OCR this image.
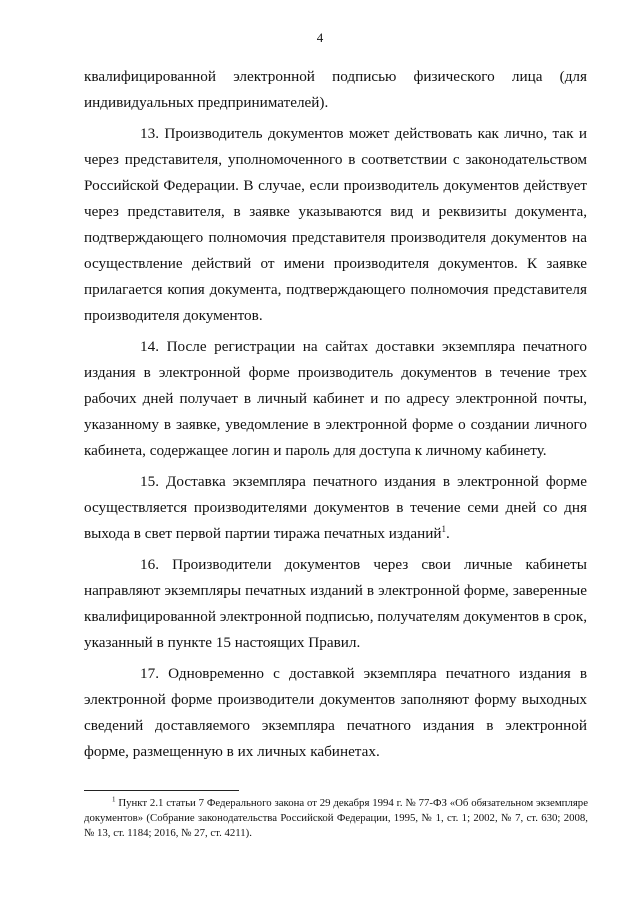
4

квалифицированной электронной подписью физического лица (для индивидуальных предпринимателей).

13. Производитель документов может действовать как лично, так и через представителя, уполномоченного в соответствии с законодательством Российской Федерации. В случае, если производитель документов действует через представителя, в заявке указываются вид и реквизиты документа, подтверждающего полномочия представителя производителя документов на осуществление действий от имени производителя документов. К заявке прилагается копия документа, подтверждающего полномочия представителя производителя документов.

14. После регистрации на сайтах доставки экземпляра печатного издания в электронной форме производитель документов в течение трех рабочих дней получает в личный кабинет и по адресу электронной почты, указанному в заявке, уведомление в электронной форме о создании личного кабинета, содержащее логин и пароль для доступа к личному кабинету.

15. Доставка экземпляра печатного издания в электронной форме осуществляется производителями документов в течение семи дней со дня выхода в свет первой партии тиража печатных изданий$^1$.

16. Производители документов через свои личные кабинеты направляют экземпляры печатных изданий в электронной форме, заверенные квалифицированной электронной подписью, получателям документов в срок, указанный в пункте 15 настоящих Правил.

17. Одновременно с доставкой экземпляра печатного издания в электронной форме производители документов заполняют форму выходных сведений доставляемого экземпляра печатного издания в электронной форме, размещенную в их личных кабинетах.

$^1$ Пункт 2.1 статьи 7 Федерального закона от 29 декабря 1994 г. № 77-ФЗ «Об обязательном экземпляре документов» (Собрание законодательства Российской Федерации, 1995, № 1, ст. 1; 2002, № 7, ст. 630; 2008, № 13, ст. 1184; 2016, № 27, ст. 4211).
